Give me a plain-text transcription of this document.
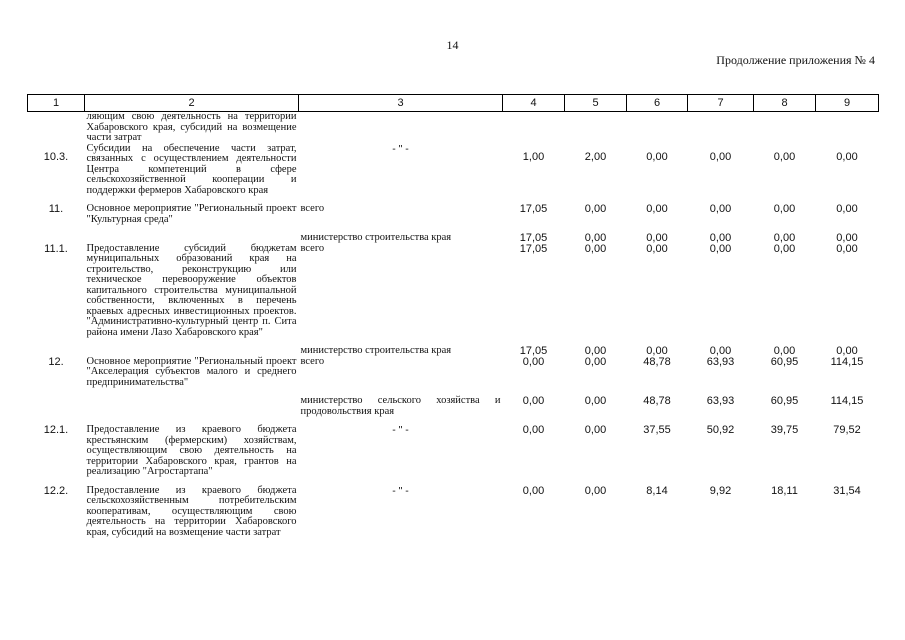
14
Продолжение приложения № 4
1	2	3	4	5	6	7	8	9
	ляющим свою деятельность на территории Хабаровского края, субсидий на возмещение части затрат							
10.3.	Субсидии на обеспечение части затрат, связанных с осуществлением деятельности Центра компетенций в сфере сельскохозяйственной кооперации и поддержки фермеров Хабаровского края	- " -	1,00	2,00	0,00	0,00	0,00	0,00
11.	Основное мероприятие "Региональный проект "Культурная среда"	всего	17,05	0,00	0,00	0,00	0,00	0,00
		министерство строительства края	17,05	0,00	0,00	0,00	0,00	0,00
11.1.	Предоставление субсидий бюджетам муниципальных образований края на строительство, реконструкцию или техническое перевооружение объектов капитального строительства муниципальной собственности, включенных в перечень краевых адресных инвестиционных проектов. "Административно-культурный центр п. Сита района имени Лазо Хабаровского края"	всего	17,05	0,00	0,00	0,00	0,00	0,00
		министерство строительства края	17,05	0,00	0,00	0,00	0,00	0,00
12.	Основное мероприятие "Региональный проект "Акселерация субъектов малого и среднего предпринимательства"	всего	0,00	0,00	48,78	63,93	60,95	114,15
		министерство сельского хозяйства и продовольствия края	0,00	0,00	48,78	63,93	60,95	114,15
12.1.	Предоставление из краевого бюджета крестьянским (фермерским) хозяйствам, осуществляющим свою деятельность на территории Хабаровского края, грантов на реализацию "Агростартапа"	- " -	0,00	0,00	37,55	50,92	39,75	79,52
12.2.	Предоставление из краевого бюджета сельскохозяйственным потребительским кооперативам, осуществляющим свою деятельность на территории Хабаровского края, субсидий на возмещение части затрат	- " -	0,00	0,00	8,14	9,92	18,11	31,54
